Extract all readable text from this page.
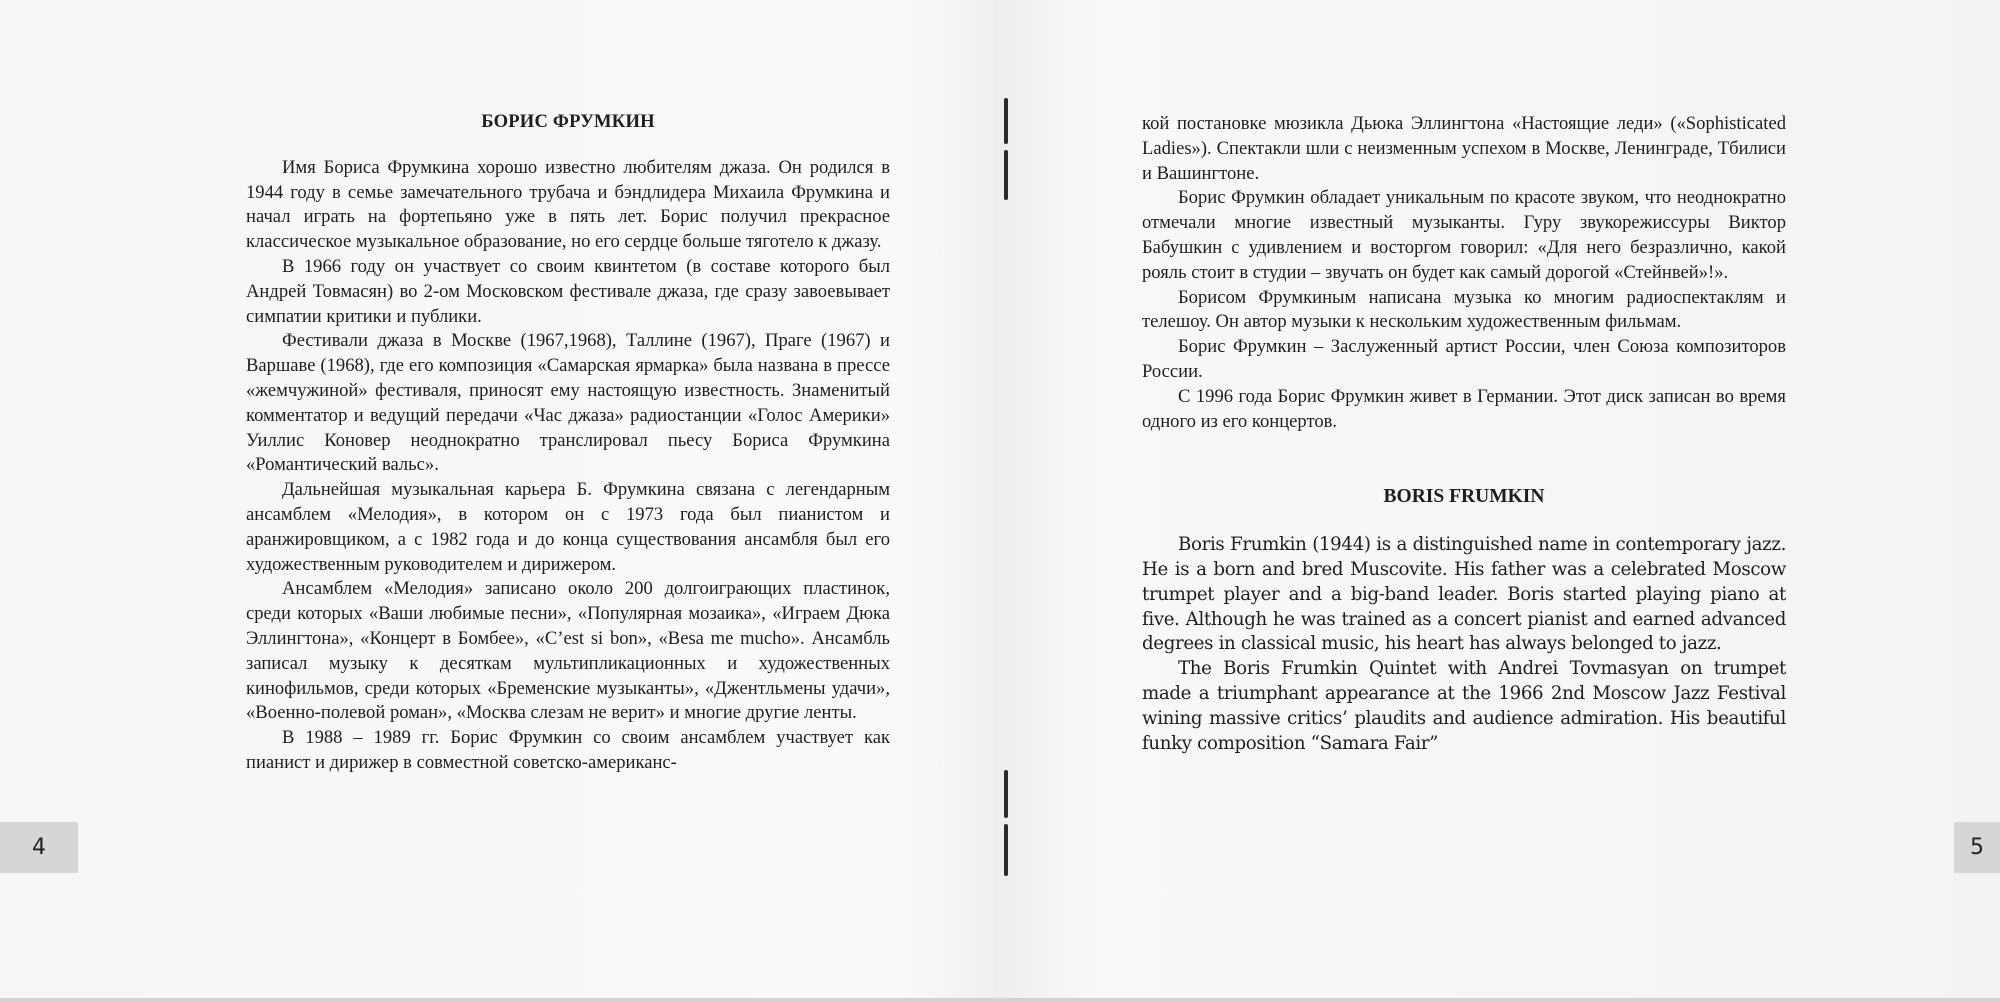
БОРИС ФРУМКИН

Имя Бориса Фрумкина хорошо известно любителям джаза. Он родился в 1944 году в семье замечательного трубача и бэндлидера Михаила Фрумкина и начал играть на фортепьяно уже в пять лет. Борис получил прекрасное классическое музыкальное образование, но его сердце больше тяготело к джазу.

В 1966 году он участвует со своим квинтетом (в составе которого был Андрей Товмасян) во 2-ом Московском фестивале джаза, где сразу завоевывает симпатии критики и публики.

Фестивали джаза в Москве (1967,1968), Таллине (1967), Праге (1967) и Варшаве (1968), где его композиция «Самарская ярмарка» была названа в прессе «жемчужиной» фестиваля, приносят ему настоящую известность. Знаменитый комментатор и ведущий передачи «Час джаза» радиостанции «Голос Америки» Уиллис Коновер неоднократно транслировал пьесу Бориса Фрумкина «Романтический вальс».

Дальнейшая музыкальная карьера Б. Фрумкина связана с легендарным ансамблем «Мелодия», в котором он с 1973 года был пианистом и аранжировщиком, а с 1982 года и до конца существования ансамбля был его художественным руководителем и дирижером.

Ансамблем «Мелодия» записано около 200 долгоиграющих пластинок, среди которых «Ваши любимые песни», «Популярная мозаика», «Играем Дюка Эллингтона», «Концерт в Бомбее», «C’est si bon», «Besa me mucho». Ансамбль записал музыку к десяткам мультипликационных и художественных кинофильмов, среди которых «Бременские музыканты», «Джентльмены удачи», «Военно-полевой роман», «Москва слезам не верит» и многие другие ленты.

В 1988 – 1989 гг. Борис Фрумкин со своим ансамблем участвует как пианист и дирижер в совместной советско-американс-

4

кой постановке мюзикла Дьюка Эллингтона «Настоящие леди» («Sophisticated Ladies»). Спектакли шли с неизменным успехом в Москве, Ленинграде, Тбилиси и Вашингтоне.

Борис Фрумкин обладает уникальным по красоте звуком, что неоднократно отмечали многие известный музыканты. Гуру звукорежиссуры Виктор Бабушкин с удивлением и восторгом говорил: «Для него безразлично, какой рояль стоит в студии – звучать он будет как самый дорогой «Стейнвей»!».

Борисом Фрумкиным написана музыка ко многим радиоспектаклям и телешоу. Он автор музыки к нескольким художественным фильмам.

Борис Фрумкин – Заслуженный артист России, член Союза композиторов России.

С 1996 года Борис Фрумкин живет в Германии. Этот диск записан во время одного из его концертов.

BORIS FRUMKIN

Boris Frumkin (1944) is a distinguished name in contemporary jazz. He is a born and bred Muscovite. His father was a celebrated Moscow trumpet player and a big-band leader. Boris started playing piano at five. Although he was trained as a concert pianist and earned advanced degrees in classical music, his heart has always belonged to jazz.

The Boris Frumkin Quintet with Andrei Tovmasyan on trumpet made a triumphant appearance at the 1966 2nd Moscow Jazz Festival wining massive critics’ plaudits and audience admiration. His beautiful funky composition “Samara Fair”

5
